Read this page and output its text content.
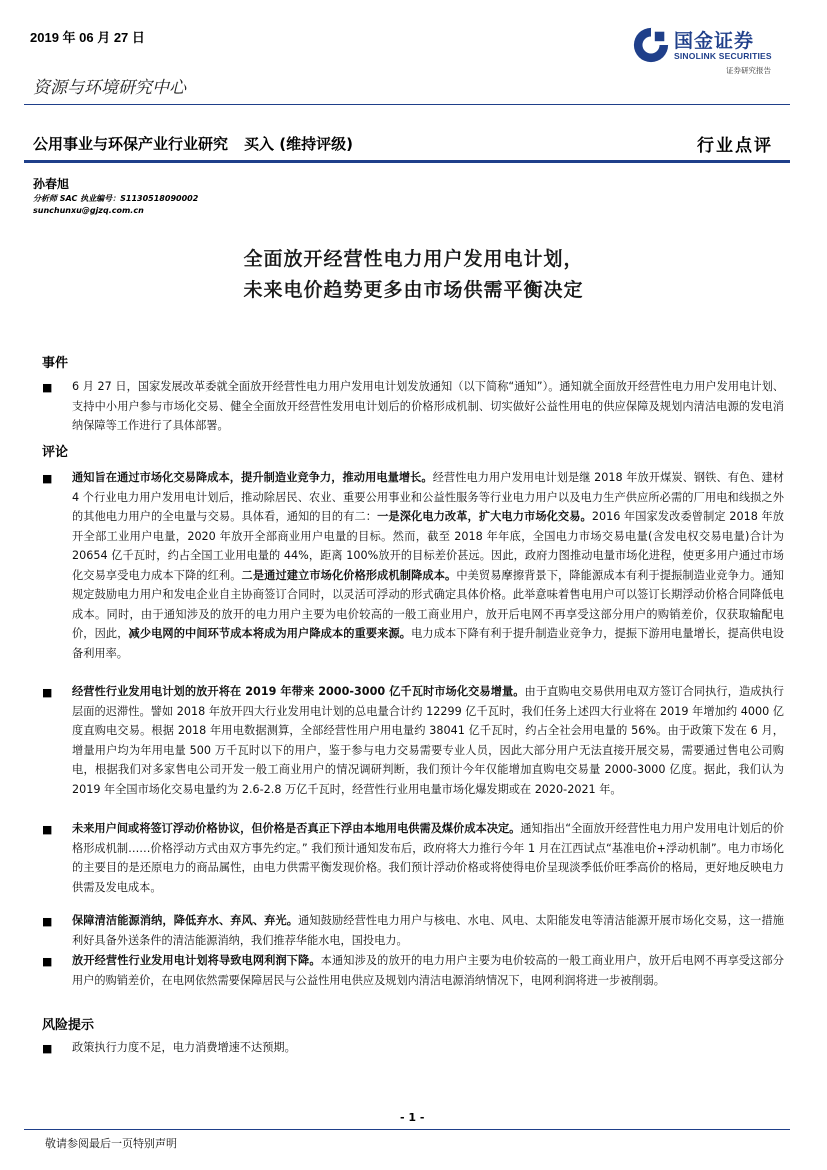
2019 年 06 月 27 日	国金证券
SINOLINK SECURITIES
证券研究报告
资源与环境研究中心
公用事业与环保产业行业研究 买入 (维持评级)	行业点评
孙春旭
分析师 SAC 执业编号：S1130518090002
sunchunxu@gjzq.com.cn
全面放开经营性电力用户发用电计划，
未来电价趋势更多由市场供需平衡决定
事件
■ 6 月 27 日，国家发展改革委就全面放开经营性电力用户发用电计划发放通知（以下简称“通知”）。通知就全面放开经营性电力用户发用电计划、支持中小用户参与市场化交易、健全全面放开经营性发用电计划后的价格形成机制、切实做好公益性用电的供应保障及规划内清洁电源的发电消纳保障等工作进行了具体部署。
评论
■ 通知旨在通过市场化交易降成本，提升制造业竞争力，推动用电量增长。经营性电力用户发用电计划是继 2018 年放开煤炭、钢铁、有色、建材 4 个行业电力用户发用电计划后，推动除居民、农业、重要公用事业和公益性服务等行业电力用户以及电力生产供应所必需的厂用电和线损之外的其他电力用户的全电量与交易。具体看，通知的目的有二：一是深化电力改革，扩大电力市场化交易。2016 年国家发改委曾制定 2018 年放开全部工业用户电量，2020 年放开全部商业用户电量的目标。然而，截至 2018 年年底，全国电力市场交易电量(含发电权交易电量)合计为 20654 亿千瓦时，约占全国工业用电量的 44%，距离 100%放开的目标差价甚远。因此，政府力图推动电量市场化进程，使更多用户通过市场化交易享受电力成本下降的红利。二是通过建立市场化价格形成机制降成本。中美贸易摩擦背景下，降能源成本有利于提振制造业竞争力。通知规定鼓励电力用户和发电企业自主协商签订合同时，以灵活可浮动的形式确定具体价格。此举意味着售电用户可以签订长期浮动价格合同降低电成本。同时，由于通知涉及的放开的电力用户主要为电价较高的一般工商业用户，放开后电网不再享受这部分用户的购销差价，仅获取输配电价，因此，减少电网的中间环节成本将成为用户降成本的重要来源。电力成本下降有利于提升制造业竞争力，提振下游用电量增长，提高供电设备利用率。
■ 经营性行业发用电计划的放开将在 2019 年带来 2000-3000 亿千瓦时市场化交易增量。由于直购电交易供用电双方签订合同执行，造成执行层面的迟滞性。譬如 2018 年放开四大行业发用电计划的总电量合计约 12299 亿千瓦时，我们任务上述四大行业将在 2019 年增加约 4000 亿度直购电交易。根据 2018 年用电数据测算，全部经营性用户用电量约 38041 亿千瓦时，约占全社会用电量的 56%。由于政策下发在 6 月，增量用户均为年用电量 500 万千瓦时以下的用户，鉴于参与电力交易需要专业人员，因此大部分用户无法直接开展交易，需要通过售电公司购电，根据我们对多家售电公司开发一般工商业用户的情况调研判断，我们预计今年仅能增加直购电交易量 2000-3000 亿度。据此，我们认为 2019 年全国市场化交易电量约为 2.6-2.8 万亿千瓦时，经营性行业用电量市场化爆发期或在 2020-2021 年。
■ 未来用户间或将签订浮动价格协议，但价格是否真正下浮由本地用电供需及煤价成本决定。通知指出“全面放开经营性电力用户发用电计划后的价格形成机制……价格浮动方式由双方事先约定。” 我们预计通知发布后，政府将大力推行今年 1 月在江西试点“基准电价+浮动机制”。电力市场化的主要目的是还原电力的商品属性，由电力供需平衡发现价格。我们预计浮动价格或将使得电价呈现淡季低价旺季高价的格局，更好地反映电力供需及发电成本。
■ 保障清洁能源消纳，降低弃水、弃风、弃光。通知鼓励经营性电力用户与核电、水电、风电、太阳能发电等清洁能源开展市场化交易，这一措施利好具备外送条件的清洁能源消纳，我们推荐华能水电，国投电力。
■ 放开经营性行业发用电计划将导致电网利润下降。本通知涉及的放开的电力用户主要为电价较高的一般工商业用户，放开后电网不再享受这部分用户的购销差价，在电网依然需要保障居民与公益性用电供应及规划内清洁电源消纳情况下，电网利润将进一步被削弱。
风险提示
■ 政策执行力度不足，电力消费增速不达预期。
- 1 -
敬请参阅最后一页特别声明
